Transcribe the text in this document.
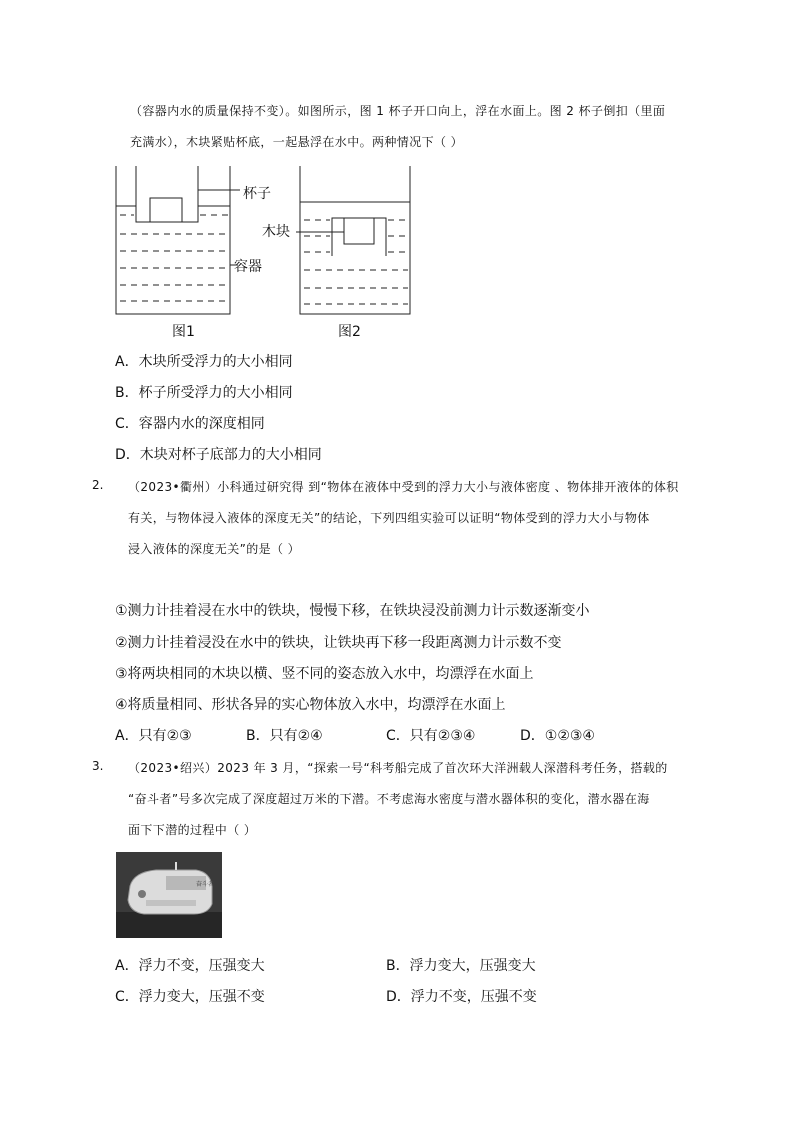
（容器内水的质量保持不变）。如图所示，图 1 杯子开口向上，浮在水面上。图 2 杯子倒扣（里面
充满水），木块紧贴杯底，一起悬浮在水中。两种情况下（ ）
杯子
容器
木块
图1	图2
A．木块所受浮力的大小相同
B．杯子所受浮力的大小相同
C．容器内水的深度相同
D．木块对杯子底部力的大小相同
2. （2023•衢州）小科通过研究得 到“物体在液体中受到的浮力大小与液体密度 、物体排开液体的体积
有关，与物体浸入液体的深度无关”的结论，下列四组实验可以证明“物体受到的浮力大小与物体
浸入液体的深度无关”的是（ ）
①测力计挂着浸在水中的铁块，慢慢下移，在铁块浸没前测力计示数逐渐变小
②测力计挂着浸没在水中的铁块，让铁块再下移一段距离测力计示数不变
③将两块相同的木块以横、竖不同的姿态放入水中，均漂浮在水面上
④将质量相同、形状各异的实心物体放入水中，均漂浮在水面上
A．只有②③	B．只有②④	C．只有②③④	D．①②③④
3. （2023•绍兴）2023 年 3 月，“探索一号“科考船完成了首次环大洋洲载人深潜科考任务，搭载的
“奋斗者”号多次完成了深度超过万米的下潜。不考虑海水密度与潜水器体积的变化，潜水器在海
面下下潜的过程中（ ）
奋斗者
A．浮力不变，压强变大	B．浮力变大，压强变大
C．浮力变大，压强不变	D．浮力不变，压强不变
